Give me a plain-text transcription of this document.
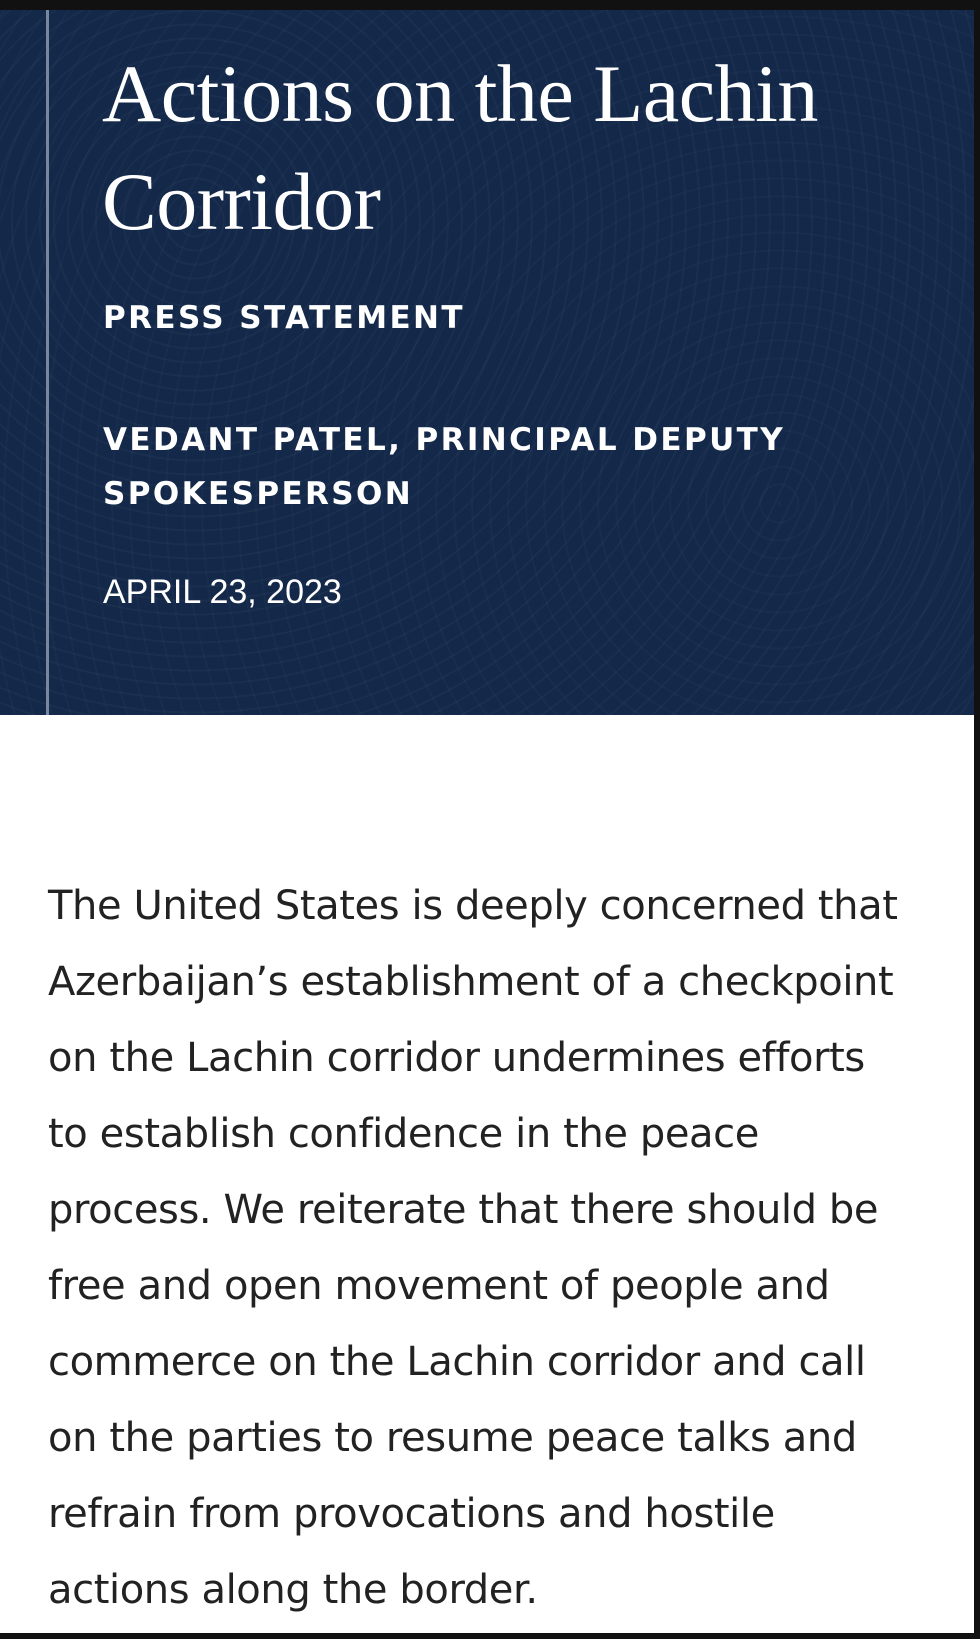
Actions on the Lachin Corridor
PRESS STATEMENT
VEDANT PATEL, PRINCIPAL DEPUTY SPOKESPERSON
APRIL 23, 2023

The United States is deeply concerned that
Azerbaijan’s establishment of a checkpoint
on the Lachin corridor undermines efforts
to establish confidence in the peace
process. We reiterate that there should be
free and open movement of people and
commerce on the Lachin corridor and call
on the parties to resume peace talks and
refrain from provocations and hostile
actions along the border.
